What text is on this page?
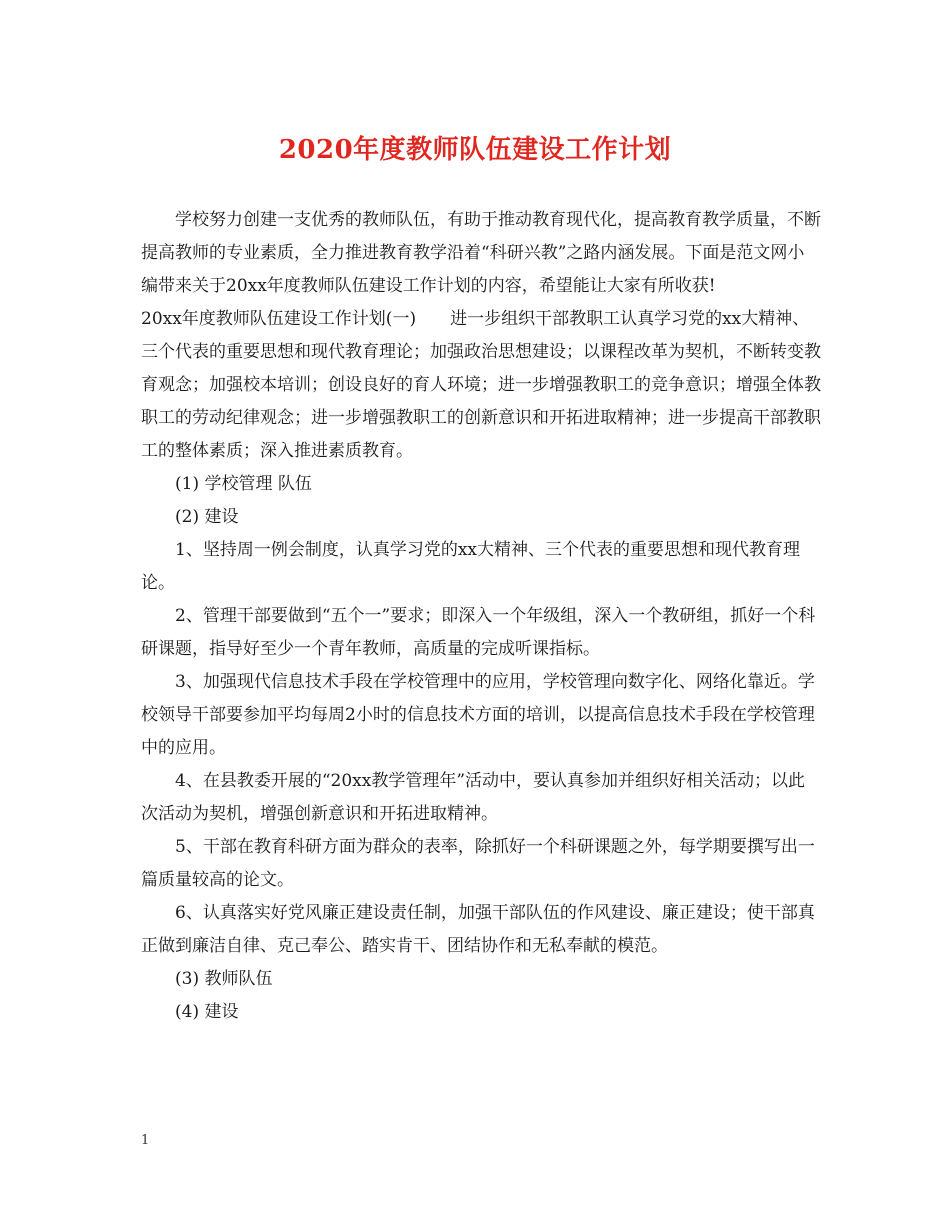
2020年度教师队伍建设工作计划

学校努力创建一支优秀的教师队伍，有助于推动教育现代化，提高教育教学质量，不断提高教师的专业素质，全力推进教育教学沿着“科研兴教”之路内涵发展。下面是范文网小编带来关于20xx年度教师队伍建设工作计划的内容，希望能让大家有所收获!

20xx年度教师队伍建设工作计划(一) 进一步组织干部教职工认真学习党的xx大精神、三个代表的重要思想和现代教育理论；加强政治思想建设；以课程改革为契机，不断转变教育观念；加强校本培训；创设良好的育人环境；进一步增强教职工的竞争意识；增强全体教职工的劳动纪律观念；进一步增强教职工的创新意识和开拓进取精神；进一步提高干部教职工的整体素质；深入推进素质教育。

(1) 学校管理 队伍

(2) 建设

1、坚持周一例会制度，认真学习党的xx大精神、三个代表的重要思想和现代教育理论。

2、管理干部要做到“五个一”要求；即深入一个年级组，深入一个教研组，抓好一个科研课题，指导好至少一个青年教师，高质量的完成听课指标。

3、加强现代信息技术手段在学校管理中的应用，学校管理向数字化、网络化靠近。学校领导干部要参加平均每周2小时的信息技术方面的培训，以提高信息技术手段在学校管理中的应用。

4、在县教委开展的“20xx教学管理年”活动中，要认真参加并组织好相关活动；以此次活动为契机，增强创新意识和开拓进取精神。

5、干部在教育科研方面为群众的表率，除抓好一个科研课题之外，每学期要撰写出一篇质量较高的论文。

6、认真落实好党风廉正建设责任制，加强干部队伍的作风建设、廉正建设；使干部真正做到廉洁自律、克己奉公、踏实肯干、团结协作和无私奉献的模范。

(3) 教师队伍

(4) 建设

1
